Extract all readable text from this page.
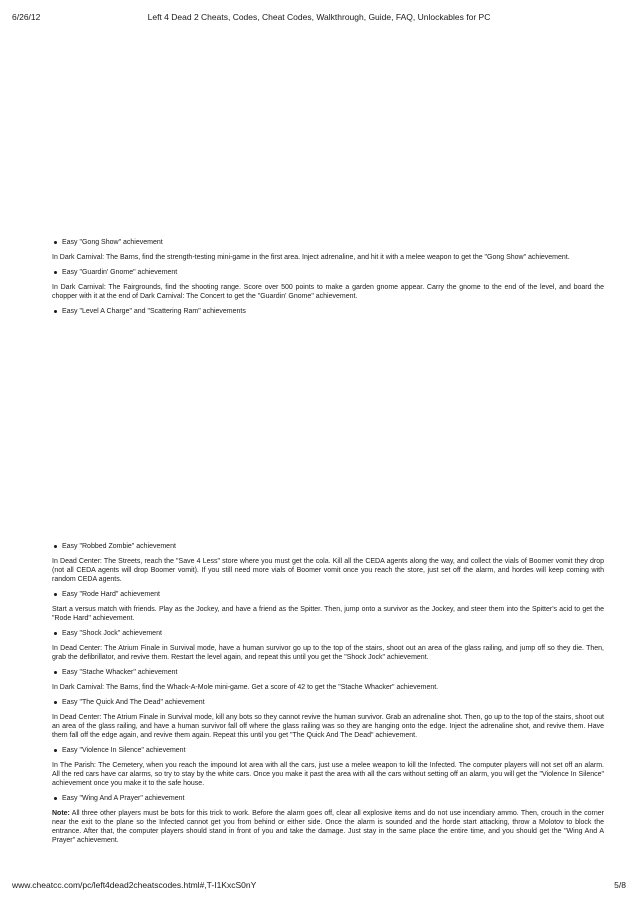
6/26/12	Left 4 Dead 2 Cheats, Codes, Cheat Codes, Walkthrough, Guide, FAQ, Unlockables for PC
Easy "Gong Show" achievement
In Dark Carnival: The Barns, find the strength-testing mini-game in the first area. Inject adrenaline, and hit it with a melee weapon to get the "Gong Show" achievement.
Easy "Guardin' Gnome" achievement
In Dark Carnival: The Fairgrounds, find the shooting range. Score over 500 points to make a garden gnome appear. Carry the gnome to the end of the level, and board the chopper with it at the end of Dark Carnival: The Concert to get the "Guardin' Gnome" achievement.
Easy "Level A Charge" and "Scattering Ram" achievements
Easy "Robbed Zombie" achievement
In Dead Center: The Streets, reach the "Save 4 Less" store where you must get the cola. Kill all the CEDA agents along the way, and collect the vials of Boomer vomit they drop (not all CEDA agents will drop Boomer vomit). If you still need more vials of Boomer vomit once you reach the store, just set off the alarm, and hordes will keep coming with random CEDA agents.
Easy "Rode Hard" achievement
Start a versus match with friends. Play as the Jockey, and have a friend as the Spitter. Then, jump onto a survivor as the Jockey, and steer them into the Spitter's acid to get the "Rode Hard" achievement.
Easy "Shock Jock" achievement
In Dead Center: The Atrium Finale in Survival mode, have a human survivor go up to the top of the stairs, shoot out an area of the glass railing, and jump off so they die. Then, grab the defibrillator, and revive them. Restart the level again, and repeat this until you get the "Shock Jock" achievement.
Easy "Stache Whacker" achievement
In Dark Carnival: The Barns, find the Whack-A-Mole mini-game. Get a score of 42 to get the "Stache Whacker" achievement.
Easy "The Quick And The Dead" achievement
In Dead Center: The Atrium Finale in Survival mode, kill any bots so they cannot revive the human survivor. Grab an adrenaline shot. Then, go up to the top of the stairs, shoot out an area of the glass railing, and have a human survivor fall off where the glass railing was so they are hanging onto the edge. Inject the adrenaline shot, and revive them. Have them fall off the edge again, and revive them again. Repeat this until you get "The Quick And The Dead" achievement.
Easy "Violence In Silence" achievement
In The Parish: The Cemetery, when you reach the impound lot area with all the cars, just use a melee weapon to kill the Infected. The computer players will not set off an alarm. All the red cars have car alarms, so try to stay by the white cars. Once you make it past the area with all the cars without setting off an alarm, you will get the "Violence In Silence" achievement once you make it to the safe house.
Easy "Wing And A Prayer" achievement
Note: All three other players must be bots for this trick to work. Before the alarm goes off, clear all explosive items and do not use incendiary ammo. Then, crouch in the corner near the exit to the plane so the Infected cannot get you from behind or either side. Once the alarm is sounded and the horde start attacking, throw a Molotov to block the entrance. After that, the computer players should stand in front of you and take the damage. Just stay in the same place the entire time, and you should get the "Wing And A Prayer" achievement.
www.cheatcc.com/pc/left4dead2cheatscodes.html#,T-I1KxcS0nY	5/8
